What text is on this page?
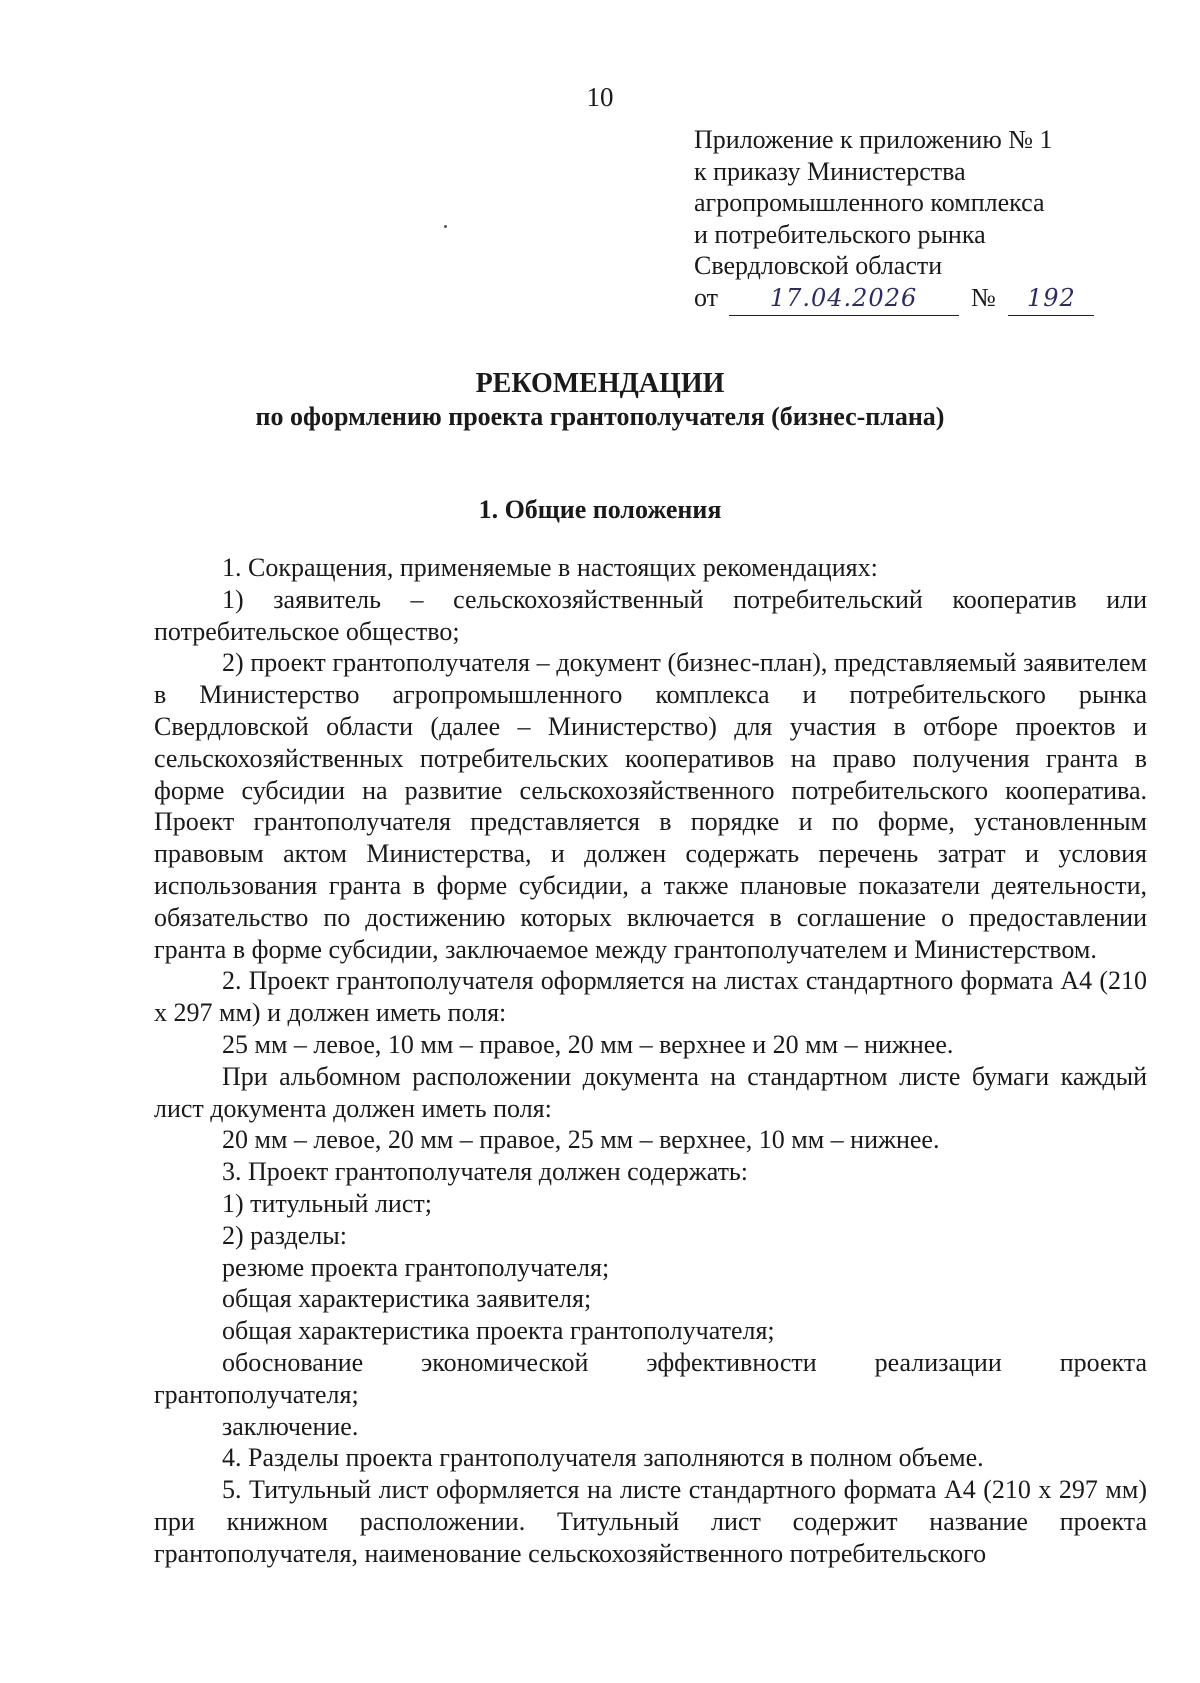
10
Приложение к приложению № 1
к приказу Министерства
агропромышленного комплекса
и потребительского рынка
Свердловской области
от 17.04.2026 № 192
РЕКОМЕНДАЦИИ
по оформлению проекта грантополучателя (бизнес-плана)
1. Общие положения

1. Сокращения, применяемые в настоящих рекомендациях:

1) заявитель – сельскохозяйственный потребительский кооператив или потребительское общество;

2) проект грантополучателя – документ (бизнес-план), представляемый заявителем в Министерство агропромышленного комплекса и потребительского рынка Свердловской области (далее – Министерство) для участия в отборе проектов и сельскохозяйственных потребительских кооперативов на право получения гранта в форме субсидии на развитие сельскохозяйственного потребительского кооператива. Проект грантополучателя представляется в порядке и по форме, установленным правовым актом Министерства, и должен содержать перечень затрат и условия использования гранта в форме субсидии, а также плановые показатели деятельности, обязательство по достижению которых включается в соглашение о предоставлении гранта в форме субсидии, заключаемое между грантополучателем и Министерством.

2. Проект грантополучателя оформляется на листах стандартного формата А4 (210 x 297 мм) и должен иметь поля:

25 мм – левое, 10 мм – правое, 20 мм – верхнее и 20 мм – нижнее.

При альбомном расположении документа на стандартном листе бумаги каждый лист документа должен иметь поля:

20 мм – левое, 20 мм – правое, 25 мм – верхнее, 10 мм – нижнее.

3. Проект грантополучателя должен содержать:

1) титульный лист;

2) разделы:

резюме проекта грантополучателя;

общая характеристика заявителя;

общая характеристика проекта грантополучателя;

обоснование экономической эффективности реализации проекта грантополучателя;

заключение.

4. Разделы проекта грантополучателя заполняются в полном объеме.

5. Титульный лист оформляется на листе стандартного формата А4 (210 x 297 мм) при книжном расположении. Титульный лист содержит название проекта грантополучателя, наименование сельскохозяйственного потребительского
